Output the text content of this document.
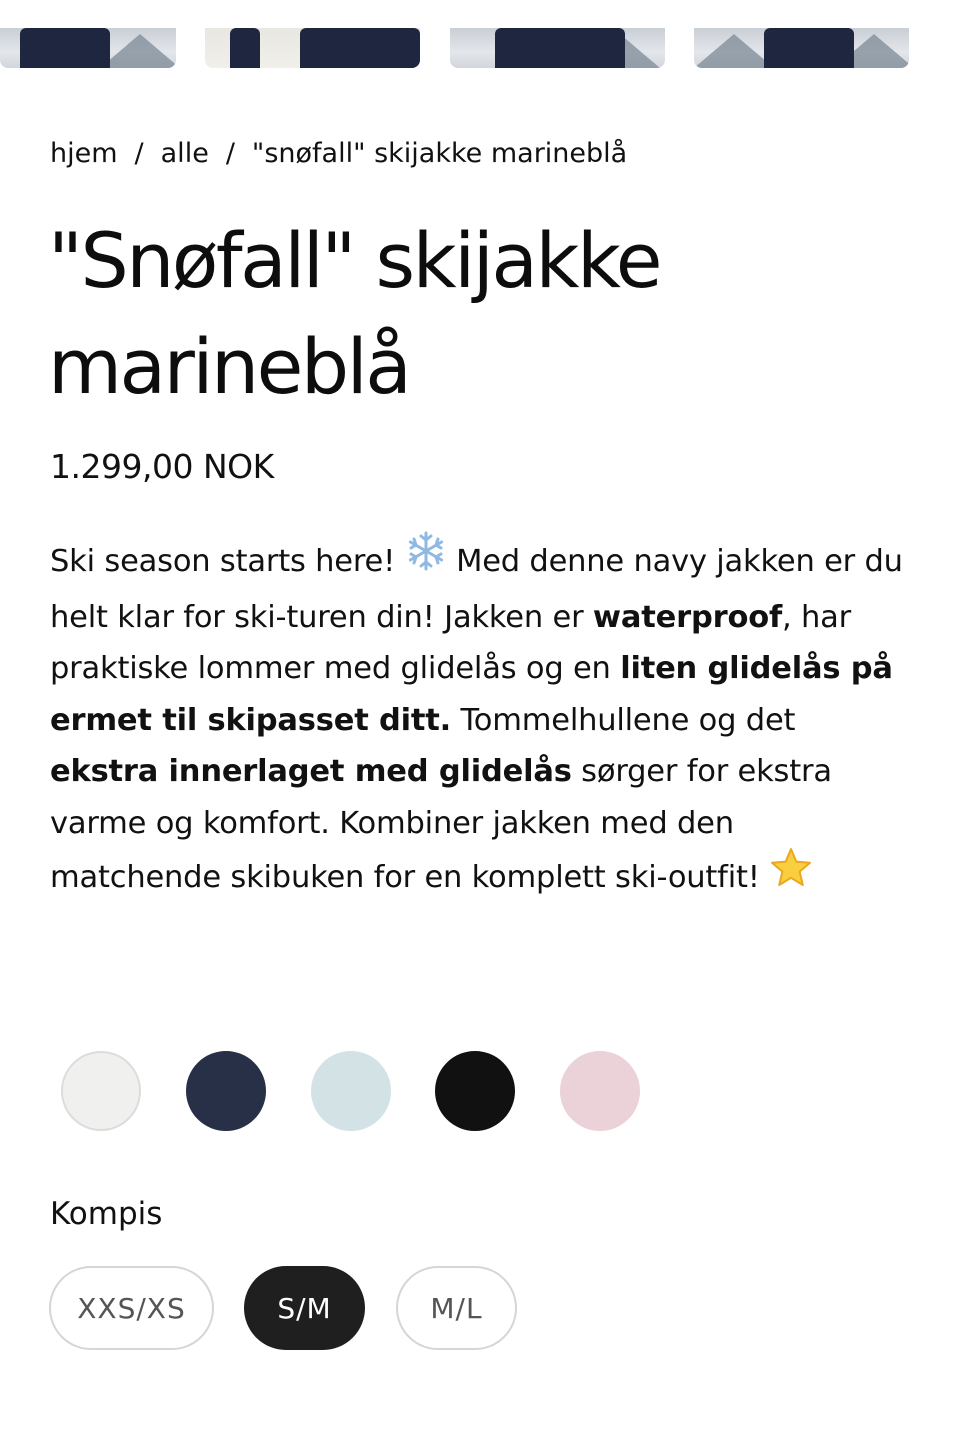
hjem / alle / "snøfall" skijakke marineblå
"Snøfall" skijakke marineblå
1.299,00 NOK
Ski season starts here!  Med denne navy jakken er du helt klar for ski-turen din! Jakken er waterproof, har praktiske lommer med glidelås og en liten glidelås på ermet til skipasset ditt. Tommelhullene og det ekstra innerlaget med glidelås sørger for ekstra varme og komfort. Kombiner jakken med den matchende skibuken for en komplett ski-outfit!
Kompis
XXS/XS	S/M	M/L
